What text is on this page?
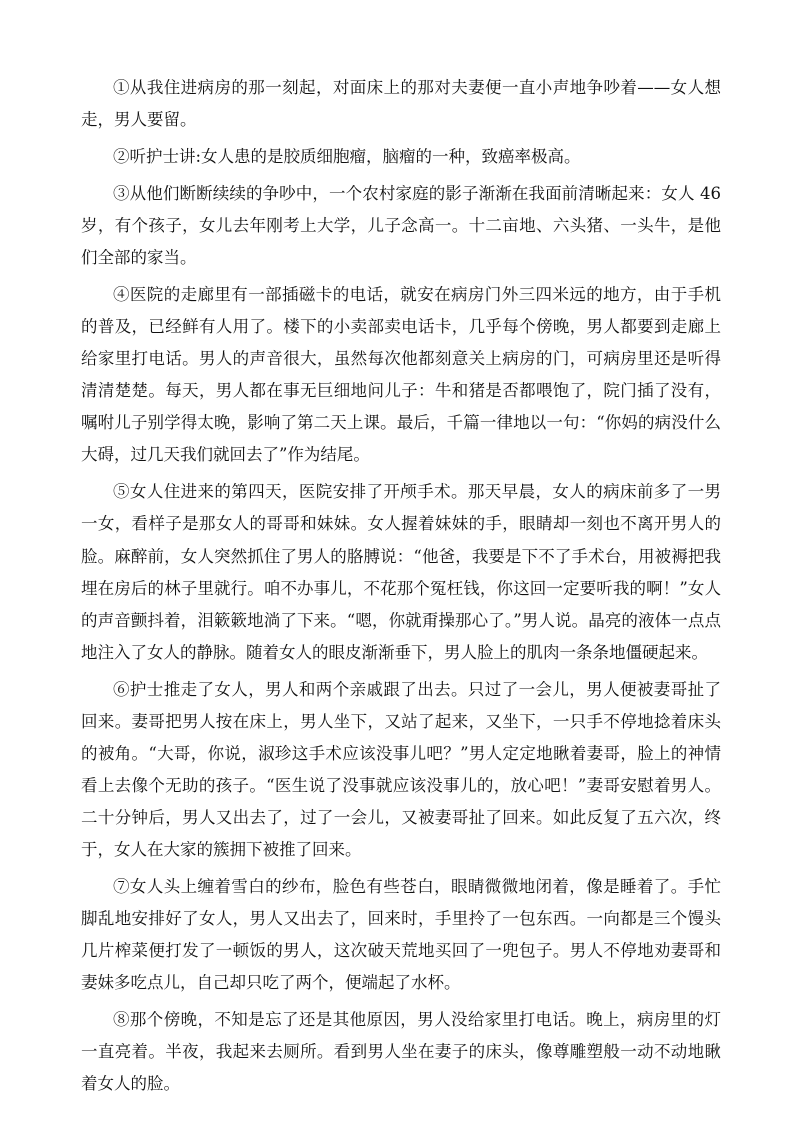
①从我住进病房的那一刻起，对面床上的那对夫妻便一直小声地争吵着——女人想走，男人要留。

②听护士讲:女人患的是胶质细胞瘤，脑瘤的一种，致癌率极高。

③从他们断断续续的争吵中，一个农村家庭的影子渐渐在我面前清晰起来：女人 46 岁，有个孩子，女儿去年刚考上大学，儿子念高一。十二亩地、六头猪、一头牛，是他们全部的家当。

④医院的走廊里有一部插磁卡的电话，就安在病房门外三四米远的地方，由于手机的普及，已经鲜有人用了。楼下的小卖部卖电话卡，几乎每个傍晚，男人都要到走廊上给家里打电话。男人的声音很大，虽然每次他都刻意关上病房的门，可病房里还是听得清清楚楚。每天，男人都在事无巨细地问儿子：牛和猪是否都喂饱了，院门插了没有，嘱咐儿子别学得太晚，影响了第二天上课。最后，千篇一律地以一句：“你妈的病没什么大碍，过几天我们就回去了”作为结尾。

⑤女人住进来的第四天，医院安排了开颅手术。那天早晨，女人的病床前多了一男一女，看样子是那女人的哥哥和妹妹。女人握着妹妹的手，眼睛却一刻也不离开男人的脸。麻醉前，女人突然抓住了男人的胳膊说：“他爸，我要是下不了手术台，用被褥把我埋在房后的林子里就行。咱不办事儿，不花那个冤枉钱，你这回一定要听我的啊！”女人的声音颤抖着，泪簌簌地淌了下来。“嗯，你就甭操那心了。”男人说。晶亮的液体一点点地注入了女人的静脉。随着女人的眼皮渐渐垂下，男人脸上的肌肉一条条地僵硬起来。

⑥护士推走了女人，男人和两个亲戚跟了出去。只过了一会儿，男人便被妻哥扯了回来。妻哥把男人按在床上，男人坐下，又站了起来，又坐下，一只手不停地捻着床头的被角。“大哥，你说，淑珍这手术应该没事儿吧？”男人定定地瞅着妻哥，脸上的神情看上去像个无助的孩子。“医生说了没事就应该没事儿的，放心吧！”妻哥安慰着男人。二十分钟后，男人又出去了，过了一会儿，又被妻哥扯了回来。如此反复了五六次，终于，女人在大家的簇拥下被推了回来。

⑦女人头上缠着雪白的纱布，脸色有些苍白，眼睛微微地闭着，像是睡着了。手忙脚乱地安排好了女人，男人又出去了，回来时，手里拎了一包东西。一向都是三个馒头几片榨菜便打发了一顿饭的男人，这次破天荒地买回了一兜包子。男人不停地劝妻哥和妻妹多吃点儿，自己却只吃了两个，便端起了水杯。

⑧那个傍晚，不知是忘了还是其他原因，男人没给家里打电话。晚上，病房里的灯一直亮着。半夜，我起来去厕所。看到男人坐在妻子的床头，像尊雕塑般一动不动地瞅着女人的脸。
